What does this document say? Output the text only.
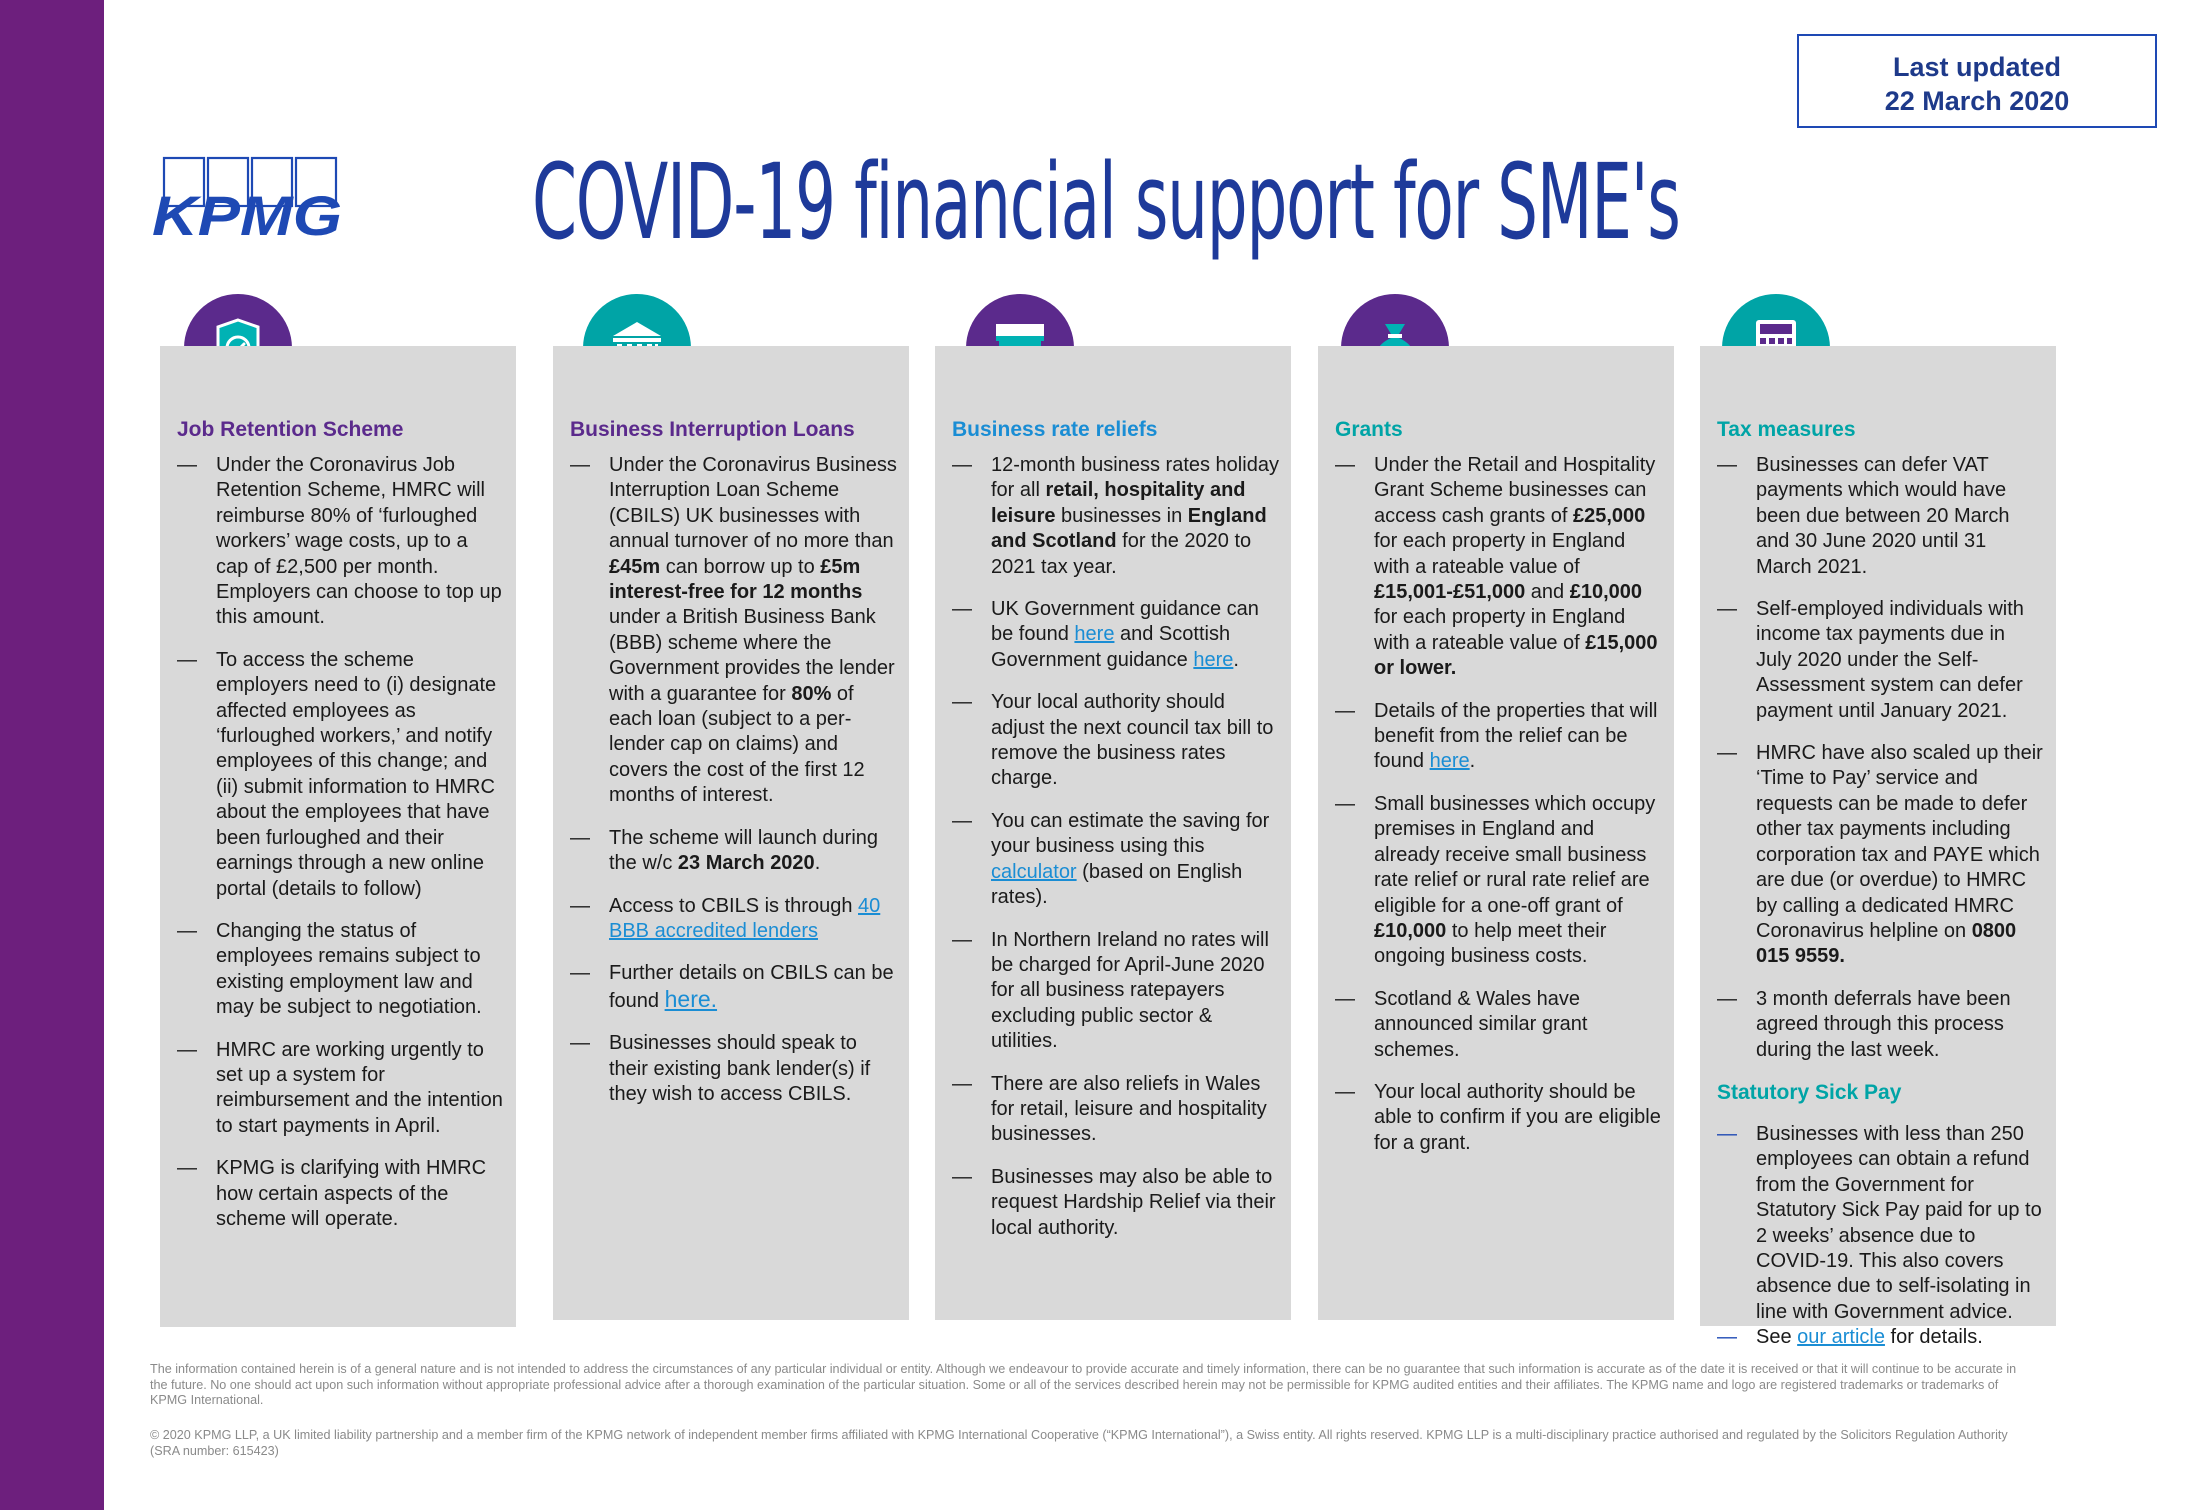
Last updated
22 March 2020
KPMG COVID-19 financial support for SME's
Job Retention Scheme
— Under the Coronavirus Job Retention Scheme, HMRC will reimburse 80% of ‘furloughed workers’ wage costs, up to a cap of £2,500 per month. Employers can choose to top up this amount.
— To access the scheme employers need to (i) designate affected employees as ‘furloughed workers,’ and notify employees of this change; and (ii) submit information to HMRC about the employees that have been furloughed and their earnings through a new online portal (details to follow)
— Changing the status of employees remains subject to existing employment law and may be subject to negotiation.
— HMRC are working urgently to set up a system for reimbursement and the intention to start payments in April.
— KPMG is clarifying with HMRC how certain aspects of the scheme will operate.
Business Interruption Loans
— Under the Coronavirus Business Interruption Loan Scheme (CBILS) UK businesses with annual turnover of no more than £45m can borrow up to £5m interest-free for 12 months under a British Business Bank (BBB) scheme where the Government provides the lender with a guarantee for 80% of each loan (subject to a per-lender cap on claims) and covers the cost of the first 12 months of interest.
— The scheme will launch during the w/c 23 March 2020.
— Access to CBILS is through 40 BBB accredited lenders
— Further details on CBILS can be found here.
— Businesses should speak to their existing bank lender(s) if they wish to access CBILS.
Business rate reliefs
— 12-month business rates holiday for all retail, hospitality and leisure businesses in England and Scotland for the 2020 to 2021 tax year.
— UK Government guidance can be found here and Scottish Government guidance here.
— Your local authority should adjust the next council tax bill to remove the business rates charge.
— You can estimate the saving for your business using this calculator (based on English rates).
— In Northern Ireland no rates will be charged for April-June 2020 for all business ratepayers excluding public sector & utilities.
— There are also reliefs in Wales for retail, leisure and hospitality businesses.
— Businesses may also be able to request Hardship Relief via their local authority.
Grants
— Under the Retail and Hospitality Grant Scheme businesses can access cash grants of £25,000 for each property in England with a rateable value of £15,001-£51,000 and £10,000 for each property in England with a rateable value of £15,000 or lower.
— Details of the properties that will benefit from the relief can be found here.
— Small businesses which occupy premises in England and already receive small business rate relief or rural rate relief are eligible for a one-off grant of £10,000 to help meet their ongoing business costs.
— Scotland & Wales have announced similar grant schemes.
— Your local authority should be able to confirm if you are eligible for a grant.
Tax measures
— Businesses can defer VAT payments which would have been due between 20 March and 30 June 2020 until 31 March 2021.
— Self-employed individuals with income tax payments due in July 2020 under the Self-Assessment system can defer payment until January 2021.
— HMRC have also scaled up their ‘Time to Pay’ service and requests can be made to defer other tax payments including corporation tax and PAYE which are due (or overdue) to HMRC by calling a dedicated HMRC Coronavirus helpline on 0800 015 9559.
— 3 month deferrals have been agreed through this process during the last week.
Statutory Sick Pay
— Businesses with less than 250 employees can obtain a refund from the Government for Statutory Sick Pay paid for up to 2 weeks’ absence due to COVID-19. This also covers absence due to self-isolating in line with Government advice.
— See our article for details.

The information contained herein is of a general nature and is not intended to address the circumstances of any particular individual or entity. Although we endeavour to provide accurate and timely information, there can be no guarantee that such information is accurate as of the date it is received or that it will continue to be accurate in the future. No one should act upon such information without appropriate professional advice after a thorough examination of the particular situation. Some or all of the services described herein may not be permissible for KPMG audited entities and their affiliates. The KPMG name and logo are registered trademarks or trademarks of KPMG International.

© 2020 KPMG LLP, a UK limited liability partnership and a member firm of the KPMG network of independent member firms affiliated with KPMG International Cooperative (“KPMG International”), a Swiss entity. All rights reserved. KPMG LLP is a multi-disciplinary practice authorised and regulated by the Solicitors Regulation Authority (SRA number: 615423)
